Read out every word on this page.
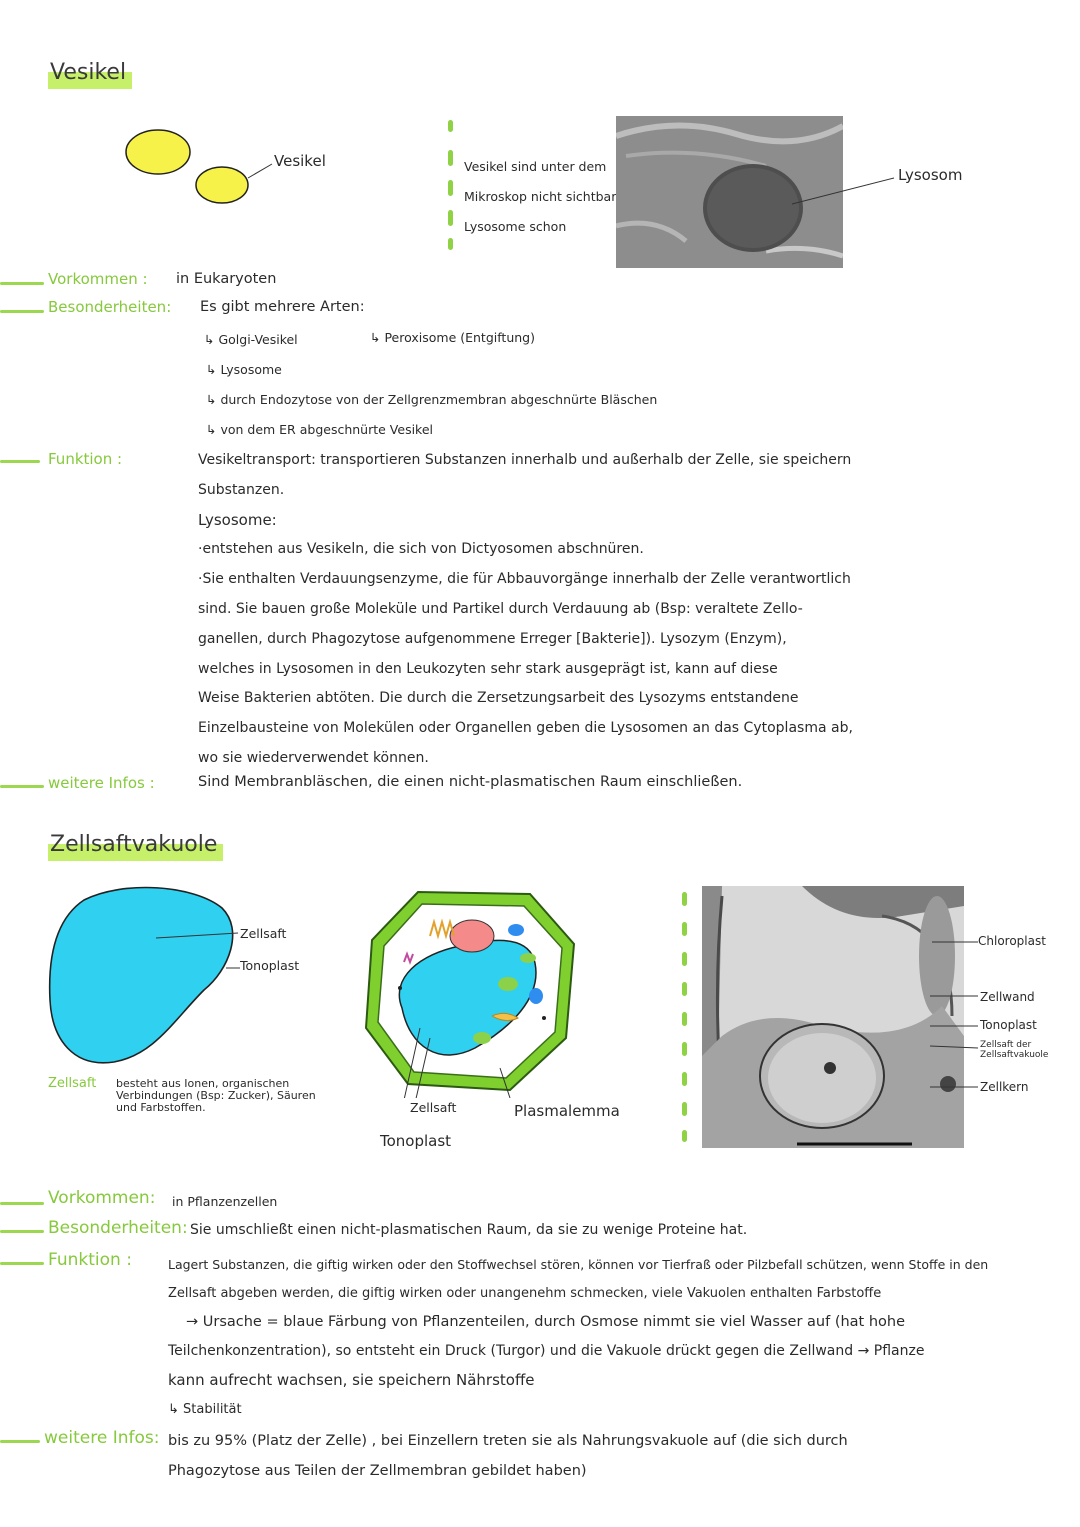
Vesikel
Vesikel	Vesikel sind unter dem
Mikroskop nicht sichtbar
Lysosome schon
Lysosom
Vorkommen : in Eukaryoten
Besonderheiten: Es gibt mehrere Arten:
↳ Golgi-Vesikel	↳ Peroxisome (Entgiftung)
↳ Lysosome
↳ durch Endozytose von der Zellgrenzmembran abgeschnürte Bläschen
↳ von dem ER abgeschnürte Vesikel
Funktion :	Vesikeltransport: transportieren Substanzen innerhalb und außerhalb der Zelle, sie speichern
Substanzen.
Lysosome:
·entstehen aus Vesikeln, die sich von Dictyosomen abschnüren.
·Sie enthalten Verdauungsenzyme, die für Abbauvorgänge innerhalb der Zelle verantwortlich
sind. Sie bauen große Moleküle und Partikel durch Verdauung ab (Bsp: veraltete Zello-
ganellen, durch Phagozytose aufgenommene Erreger [Bakterie]). Lysozym (Enzym),
welches in Lysosomen in den Leukozyten sehr stark ausgeprägt ist, kann auf diese
Weise Bakterien abtöten. Die durch die Zersetzungsarbeit des Lysozyms entstandene
Einzelbausteine von Molekülen oder Organellen geben die Lysosomen an das Cytoplasma ab,
wo sie wiederverwendet können.
weitere Infos :	Sind Membranbläschen, die einen nicht-plasmatischen Raum einschließen.
Zellsaftvakuole
Zellsaft
Tonoplast
Zellsaft besteht aus Ionen, organischen
Verbindungen (Bsp: Zucker), Säuren
und Farbstoffen.	Zellsaft
Tonoplast
Plasmalemma
Chloroplast
Zellwand
Tonoplast
Zellsaft der Zellsaftvakuole
Zellkern
Vorkommen: in Pflanzenzellen
Besonderheiten: Sie umschließt einen nicht-plasmatischen Raum, da sie zu wenige Proteine hat.
Funktion :	Lagert Substanzen, die giftig wirken oder den Stoffwechsel stören, können vor Tierfraß oder Pilzbefall schützen, wenn Stoffe in den
Zellsaft abgeben werden, die giftig wirken oder unangenehm schmecken, viele Vakuolen enthalten Farbstoffe
→ Ursache = blaue Färbung von Pflanzenteilen, durch Osmose nimmt sie viel Wasser auf (hat hohe
Teilchenkonzentration), so entsteht ein Druck (Turgor) und die Vakuole drückt gegen die Zellwand → Pflanze
kann aufrecht wachsen, sie speichern Nährstoffe
↳ Stabilität
weitere Infos: bis zu 95% (Platz der Zelle) , bei Einzellern treten sie als Nahrungsvakuole auf (die sich durch
Phagozytose aus Teilen der Zellmembran gebildet haben)
